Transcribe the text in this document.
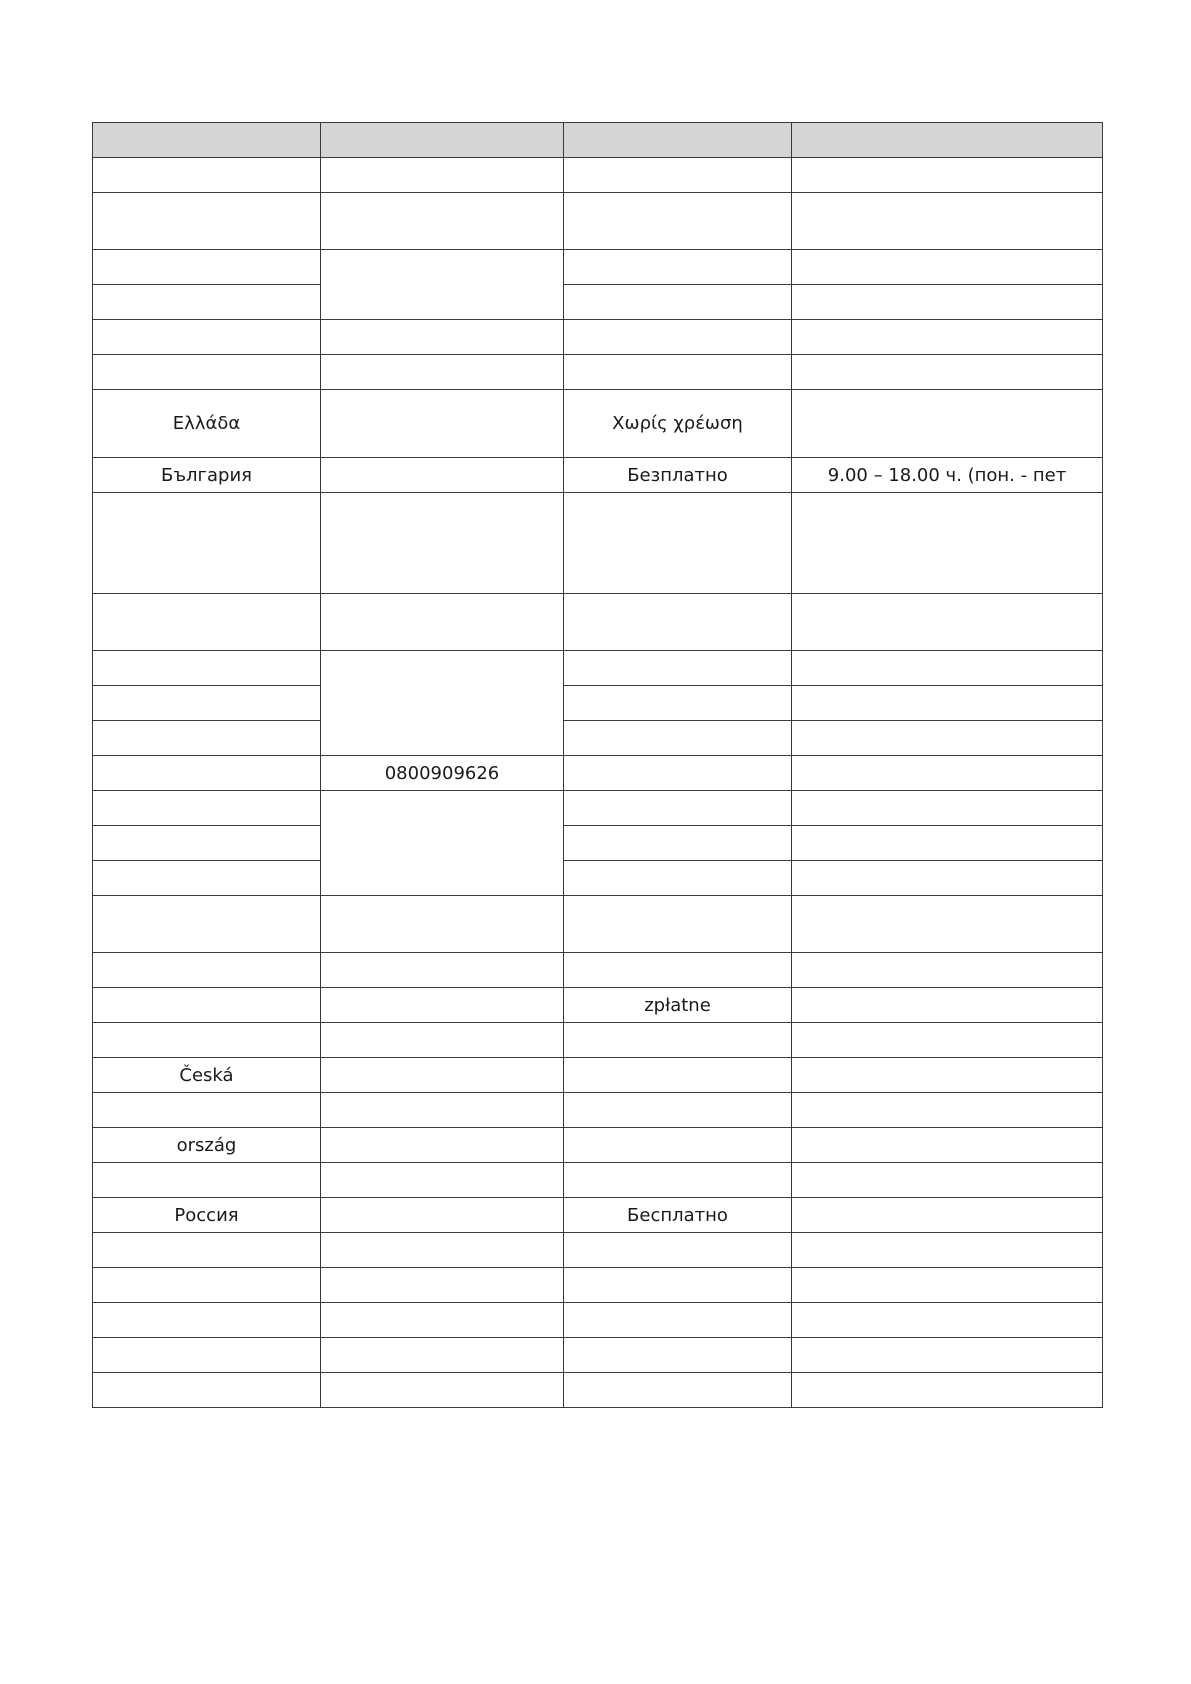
Ελλάδα		Χωρίς χρέωση	
България		Безплатно	9.00 – 18.00 ч. (пон. - пет

	0800909626		

		zpłatne	

Česká			

ország			

Россия		Бесплатно	
